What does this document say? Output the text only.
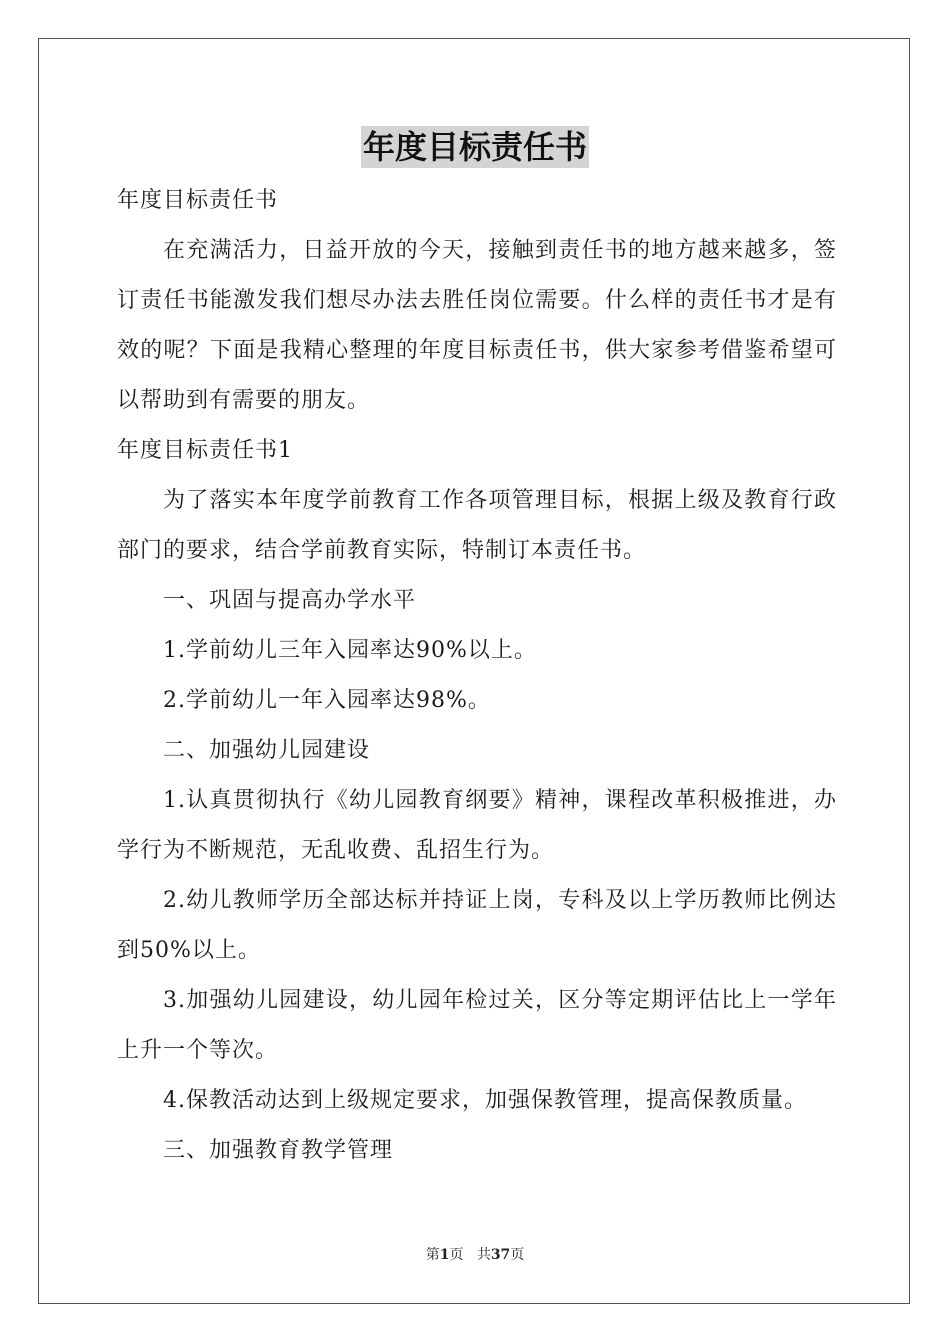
年度目标责任书

年度目标责任书

在充满活力，日益开放的今天，接触到责任书的地方越来越多，签订责任书能激发我们想尽办法去胜任岗位需要。什么样的责任书才是有效的呢？下面是我精心整理的年度目标责任书，供大家参考借鉴希望可以帮助到有需要的朋友。

年度目标责任书1

为了落实本年度学前教育工作各项管理目标，根据上级及教育行政部门的要求，结合学前教育实际，特制订本责任书。

一、巩固与提高办学水平

1.学前幼儿三年入园率达90%以上。

2.学前幼儿一年入园率达98%。

二、加强幼儿园建设

1.认真贯彻执行《幼儿园教育纲要》精神，课程改革积极推进，办学行为不断规范，无乱收费、乱招生行为。

2.幼儿教师学历全部达标并持证上岗，专科及以上学历教师比例达到50%以上。

3.加强幼儿园建设，幼儿园年检过关，区分等定期评估比上一学年上升一个等次。

4.保教活动达到上级规定要求，加强保教管理，提高保教质量。

三、加强教育教学管理

第1页 共37页
